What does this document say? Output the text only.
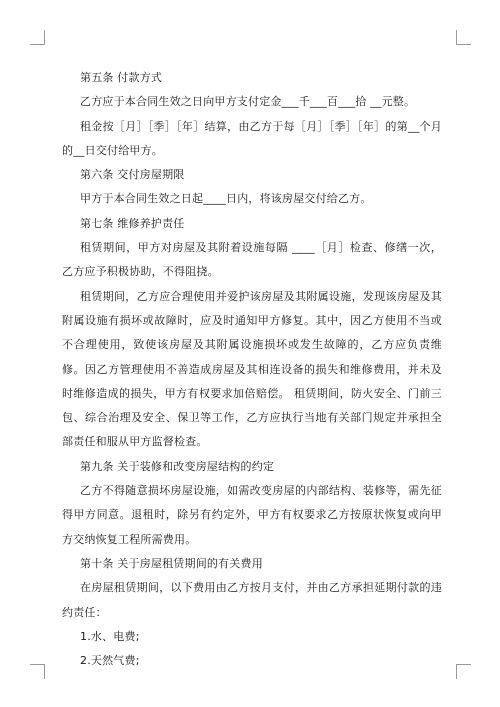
第五条 付款方式

乙方应于本合同生效之日向甲方支付定金___千___百___拾 __元整。

租金按［月］［季］［年］结算，由乙方于每［月］［季］［年］的第__个月的__日交付给甲方。

第六条 交付房屋期限

甲方于本合同生效之日起____日内，将该房屋交付给乙方。

第七条 维修养护责任

租赁期间，甲方对房屋及其附着设施每隔 ____［月］检查、修缮一次，乙方应予积极协助，不得阻挠。

租赁期间，乙方应合理使用并爱护该房屋及其附属设施，发现该房屋及其附属设施有损坏或故障时，应及时通知甲方修复。其中，因乙方使用不当或不合理使用，致使该房屋及其附属设施损坏或发生故障的，乙方应负责维修。因乙方管理使用不善造成房屋及其相连设备的损失和维修费用，并未及时维修造成的损失，甲方有权要求加倍赔偿。 租赁期间，防火安全、门前三包、综合治理及安全、保卫等工作，乙方应执行当地有关部门规定并承担全部责任和服从甲方监督检查。

第九条 关于装修和改变房屋结构的约定

乙方不得随意损坏房屋设施，如需改变房屋的内部结构、装修等，需先征得甲方同意。退租时，除另有约定外，甲方有权要求乙方按原状恢复或向甲方交纳恢复工程所需费用。

第十条 关于房屋租赁期间的有关费用

在房屋租赁期间，以下费用由乙方按月支付，并由乙方承担延期付款的违约责任：

1.水、电费;

2.天然气费;
